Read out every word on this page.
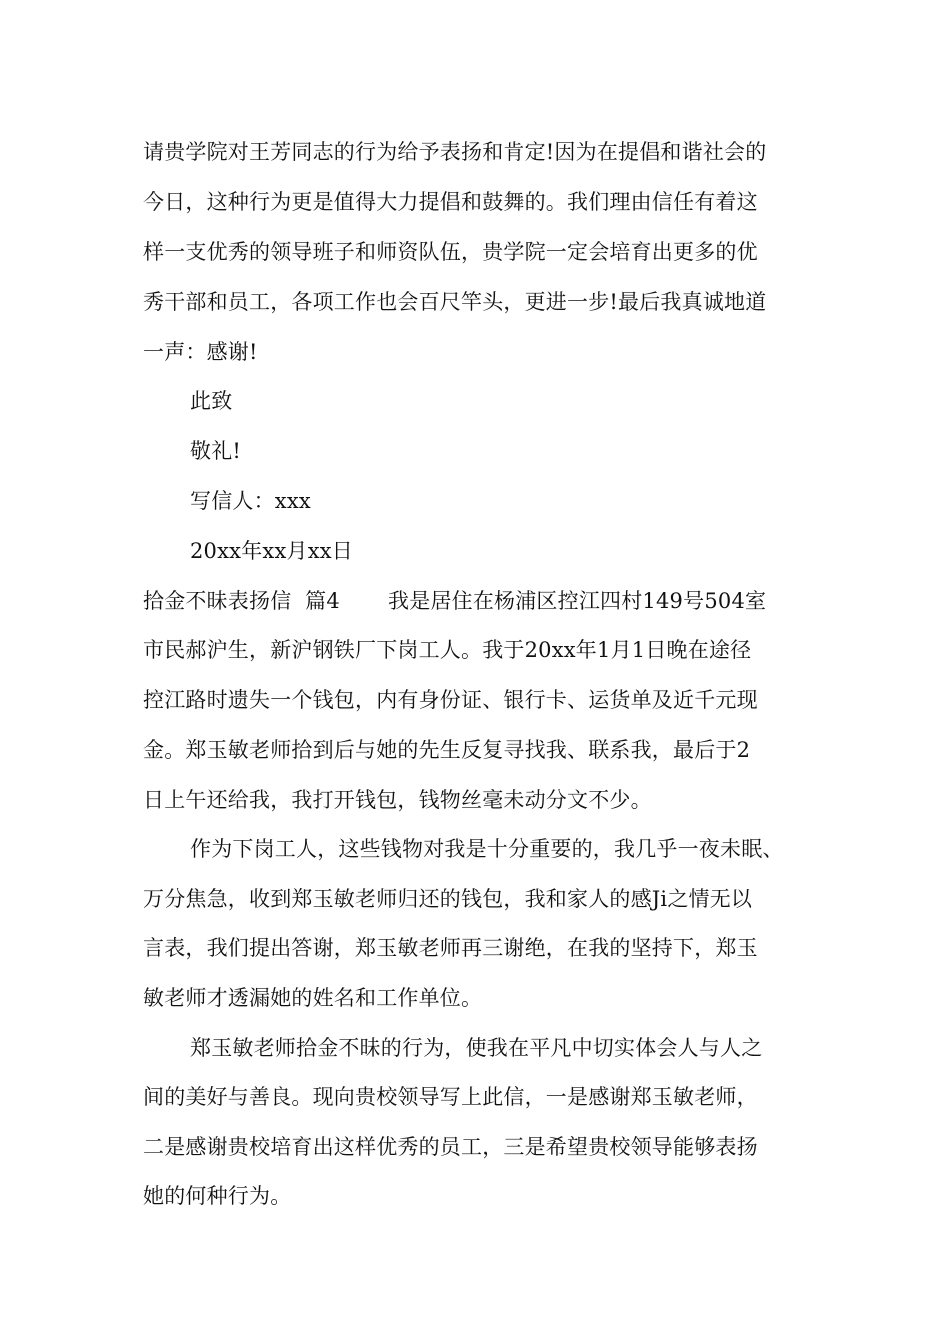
请贵学院对王芳同志的行为给予表扬和肯定!因为在提倡和谐社会的
今日，这种行为更是值得大力提倡和鼓舞的。我们理由信任有着这
样一支优秀的领导班子和师资队伍，贵学院一定会培育出更多的优
秀干部和员工，各项工作也会百尺竿头，更进一步!最后我真诚地道
一声：感谢!
此致
敬礼!
写信人：xxx
20xx年xx月xx日
拾金不昧表扬信  篇4       我是居住在杨浦区控江四村149号504室
市民郝沪生，新沪钢铁厂下岗工人。我于20xx年1月1日晚在途径
控江路时遗失一个钱包，内有身份证、银行卡、运货单及近千元现
金。郑玉敏老师拾到后与她的先生反复寻找我、联系我，最后于2
日上午还给我，我打开钱包，钱物丝毫未动分文不少。
作为下岗工人，这些钱物对我是十分重要的，我几乎一夜未眠、
万分焦急，收到郑玉敏老师归还的钱包，我和家人的感Ji之情无以
言表，我们提出答谢，郑玉敏老师再三谢绝，在我的坚持下，郑玉
敏老师才透漏她的姓名和工作单位。
郑玉敏老师拾金不昧的行为，使我在平凡中切实体会人与人之
间的美好与善良。现向贵校领导写上此信，一是感谢郑玉敏老师，
二是感谢贵校培育出这样优秀的员工，三是希望贵校领导能够表扬
她的何种行为。
